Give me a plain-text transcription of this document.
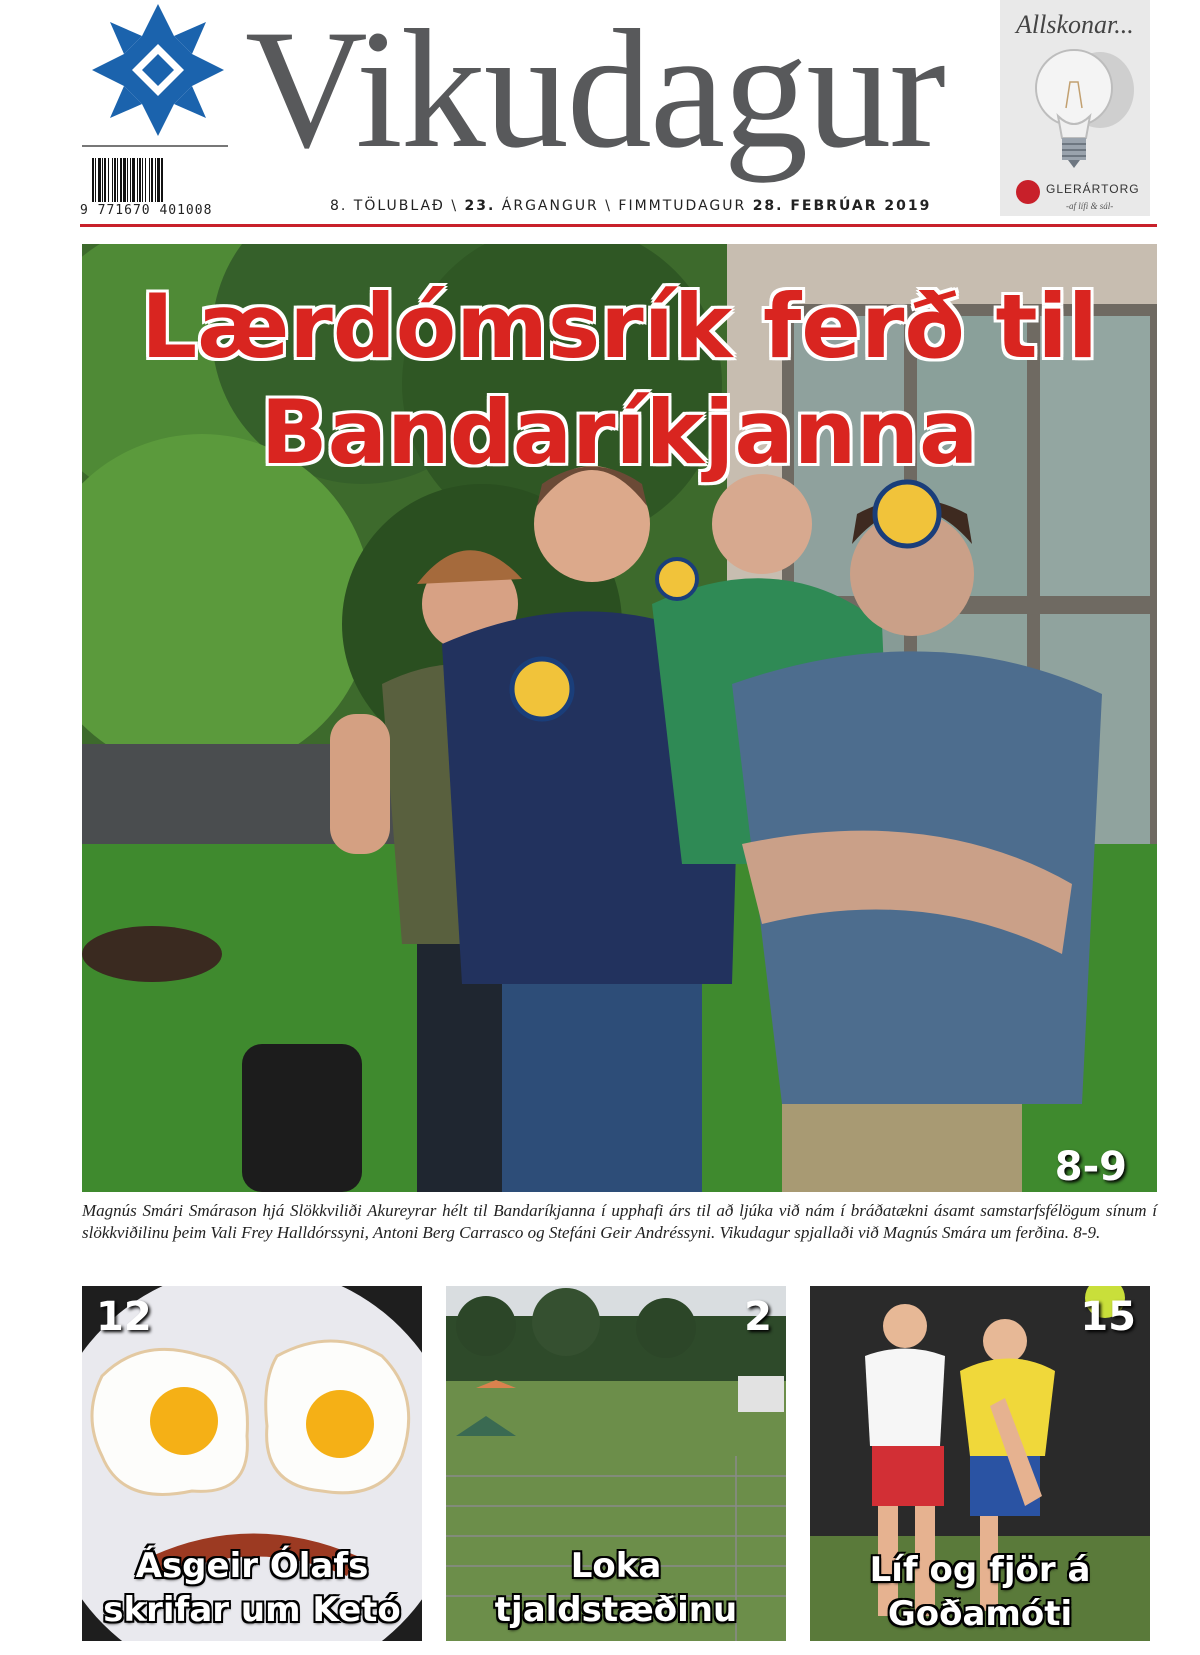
Vikudagur
9 771670 401008	8. TÖLUBLAÐ \ 23. ÁRGANGUR \ FIMMTUDAGUR 28. FEBRÚAR 2019
Allskonar...
GLERÁRTORG
-af lífi & sál-
Lærdómsrík ferð til
Bandaríkjanna
8-9
Magnús Smári Smárason hjá Slökkviliði Akureyrar hélt til Bandaríkjanna í upphafi árs til að ljúka við nám í bráðatækni ásamt samstarfsfélögum sínum í slökkviðilinu þeim Vali Frey Halldórssyni, Antoni Berg Carrasco og Stefáni Geir Andréssyni. Vikudagur spjallaði við Magnús Smára um ferðina. 8-9.
12
Ásgeir Ólafs
skrifar um Ketó
2
Loka
tjaldstæðinu
15
Líf og fjör á
Goðamóti
